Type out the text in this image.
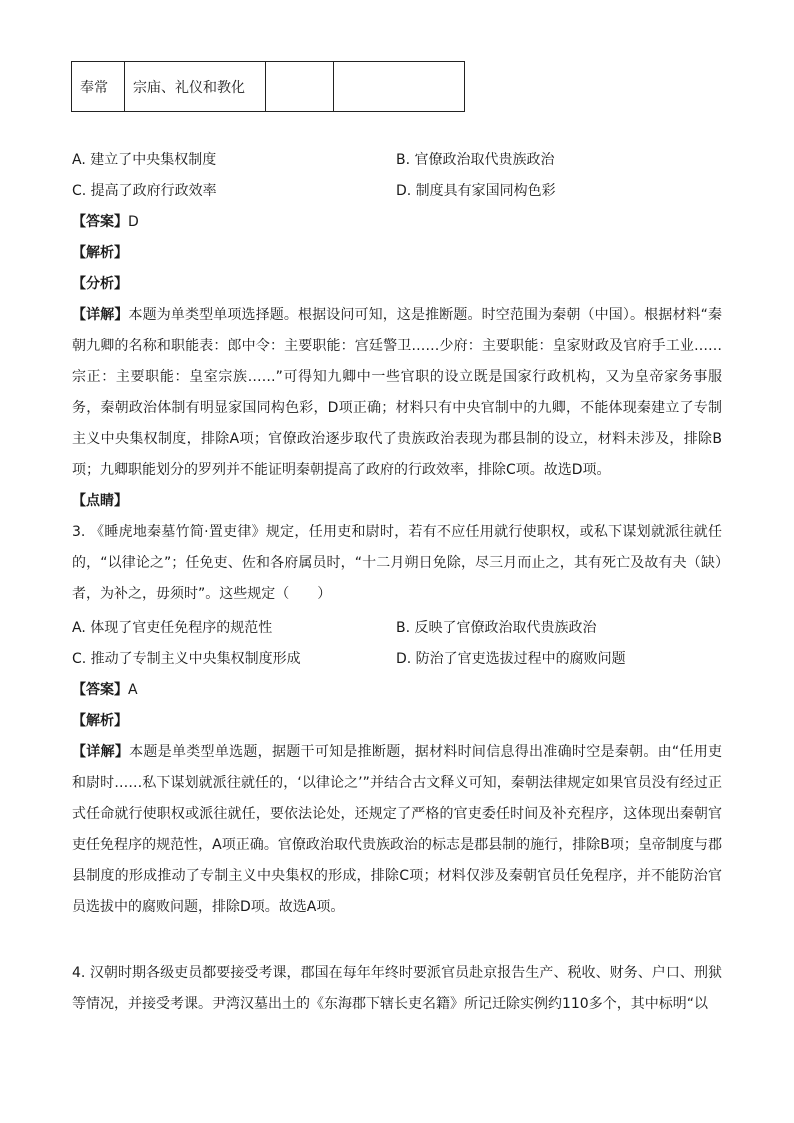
奉常	宗庙、礼仪和教化		
A. 建立了中央集权制度	B. 官僚政治取代贵族政治
C. 提高了政府行政效率	D. 制度具有家国同构色彩
【答案】D
【解析】
【分析】
【详解】本题为单类型单项选择题。根据设问可知，这是推断题。时空范围为秦朝（中国）。根据材料“秦朝九卿的名称和职能表：郎中令：主要职能：宫廷警卫……少府：主要职能：皇家财政及官府手工业……宗正：主要职能：皇室宗族……”可得知九卿中一些官职的设立既是国家行政机构，又为皇帝家务事服务，秦朝政治体制有明显家国同构色彩，D项正确；材料只有中央官制中的九卿，不能体现秦建立了专制主义中央集权制度，排除A项；官僚政治逐步取代了贵族政治表现为郡县制的设立，材料未涉及，排除B项；九卿职能划分的罗列并不能证明秦朝提高了政府的行政效率，排除C项。故选D项。
【点睛】
3. 《睡虎地秦墓竹简·置吏律》规定，任用吏和尉时，若有不应任用就行使职权，或私下谋划就派往就任的，“以律论之”；任免吏、佐和各府属员时，“十二月朔日免除，尽三月而止之，其有死亡及故有夬（缺）者，为补之，毋须时”。这些规定（　　）
A. 体现了官吏任免程序的规范性	B. 反映了官僚政治取代贵族政治
C. 推动了专制主义中央集权制度形成	D. 防治了官吏选拔过程中的腐败问题
【答案】A
【解析】
【详解】本题是单类型单选题，据题干可知是推断题，据材料时间信息得出准确时空是秦朝。由“任用吏和尉时……私下谋划就派往就任的，‘以律论之’”并结合古文释义可知，秦朝法律规定如果官员没有经过正式任命就行使职权或派往就任，要依法论处，还规定了严格的官吏委任时间及补充程序，这体现出秦朝官吏任免程序的规范性，A项正确。官僚政治取代贵族政治的标志是郡县制的施行，排除B项；皇帝制度与郡县制度的形成推动了专制主义中央集权的形成，排除C项；材料仅涉及秦朝官员任免程序，并不能防治官员选拔中的腐败问题，排除D项。故选A项。
4. 汉朝时期各级吏员都要接受考课，郡国在每年年终时要派官员赴京报告生产、税收、财务、户口、刑狱等情况，并接受考课。尹湾汉墓出土的《东海郡下辖长吏名籍》所记迁除实例约110多个，其中标明“以
